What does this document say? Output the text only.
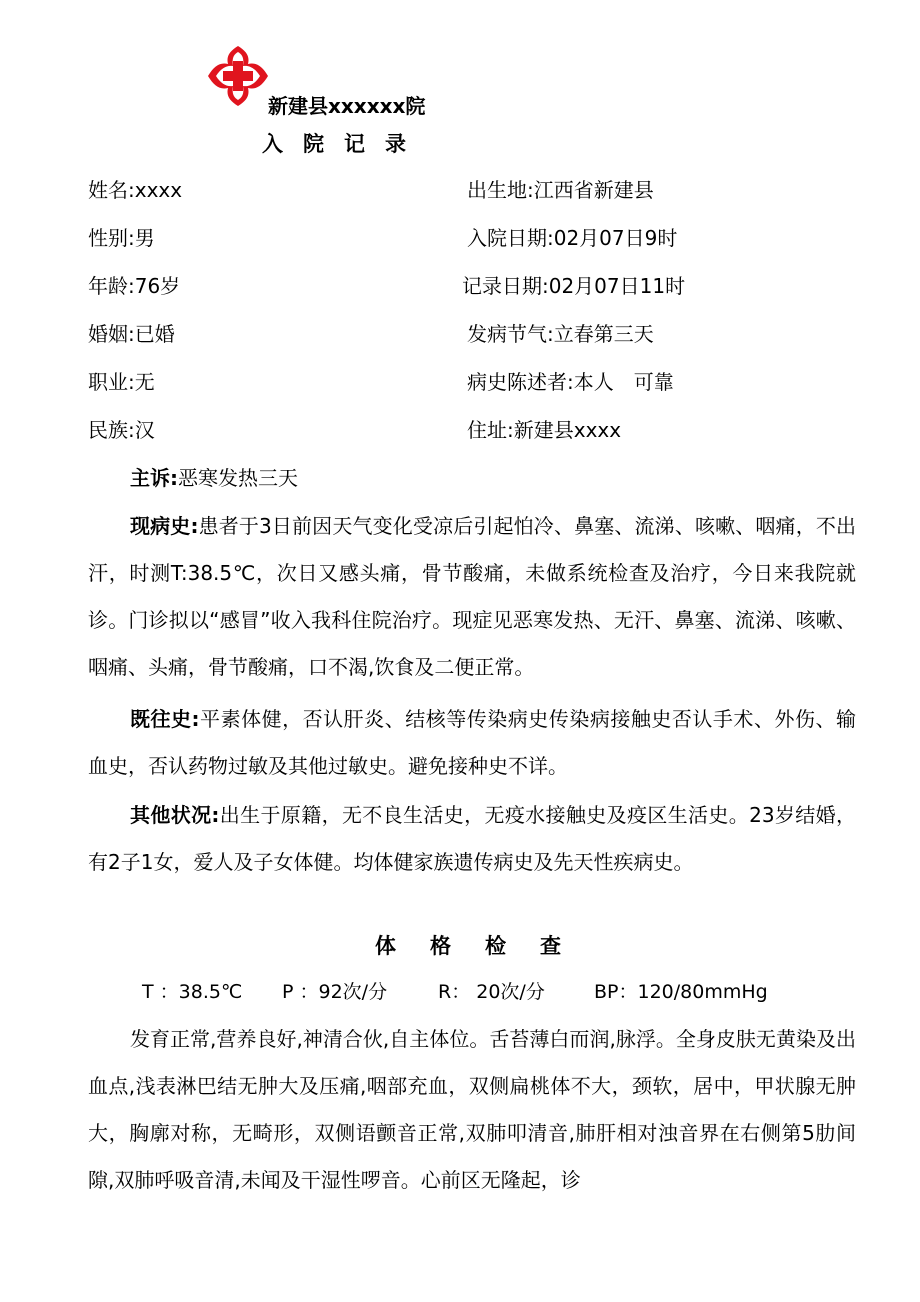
新建县xxxxxx院
入院记录
姓名:xxxx	出生地:江西省新建县
性别:男	入院日期:02月07日9时
年龄:76岁	记录日期:02月07日11时
婚姻:已婚	发病节气:立春第三天
职业:无	病史陈述者:本人　可靠
民族:汉	住址:新建县xxxx

主诉:恶寒发热三天

现病史:患者于3日前因天气变化受凉后引起怕冷、鼻塞、流涕、咳嗽、咽痛，不出汗，时测T:38.5℃，次日又感头痛，骨节酸痛，未做系统检查及治疗，今日来我院就诊。门诊拟以“感冒”收入我科住院治疗。现症见恶寒发热、无汗、鼻塞、流涕、咳嗽、咽痛、头痛，骨节酸痛，口不渴,饮食及二便正常。

既往史:平素体健，否认肝炎、结核等传染病史传染病接触史否认手术、外伤、输血史，否认药物过敏及其他过敏史。避免接种史不详。

其他状况:出生于原籍，无不良生活史，无疫水接触史及疫区生活史。23岁结婚，有2子1女，爱人及子女体健。均体健家族遗传病史及先天性疾病史。

体格检查
T ：38.5℃ P ：92次/分	R： 20次/分	BP：120/80mmHg

发育正常,营养良好,神清合伙,自主体位。舌苔薄白而润,脉浮。全身皮肤无黄染及出血点,浅表淋巴结无肿大及压痛,咽部充血，双侧扁桃体不大，颈软，居中，甲状腺无肿大，胸廓对称，无畸形，双侧语颤音正常,双肺叩清音,肺肝相对浊音界在右侧第5肋间隙,双肺呼吸音清,未闻及干湿性啰音。心前区无隆起，诊
